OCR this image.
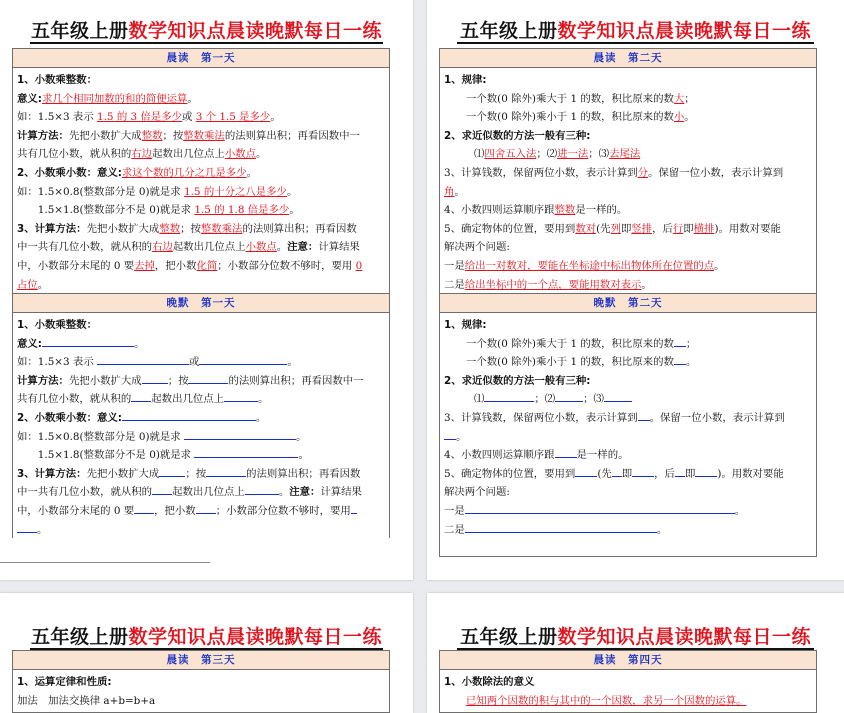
五年级上册数学知识点晨读晚默每日一练
晨读　第一天
1、小数乘整数：
意义:求几个相同加数的和的简便运算。
如：1.5×3 表示 1.5 的 3 倍是多少或 3 个 1.5 是多少。
计算方法：先把小数扩大成整数；按整数乘法的法则算出积；再看因数中一
共有几位小数，就从积的右边起数出几位点上小数点。
2、小数乘小数：意义:求这个数的几分之几是多少。
如：1.5×0.8(整数部分是 0)就是求 1.5 的十分之八是多少。
　　1.5×1.8(整数部分不是 0)就是求 1.5 的 1.8 倍是多少。
3、计算方法：先把小数扩大成整数；按整数乘法的法则算出积；再看因数
中一共有几位小数，就从积的右边起数出几位点上小数点。注意：计算结果
中，小数部分末尾的 0 要去掉，把小数化简；小数部分位数不够时，要用 0
占位。
晚默　第一天
1、小数乘整数：
意义:	。
如：1.5×3 表示	或	。
计算方法：先把小数扩大成	；按	的法则算出积；再看因数中一
共有几位小数，就从积的 起数出几位点上	。
2、小数乘小数：意义:	。
如：1.5×0.8(整数部分是 0)就是求	。
　　1.5×1.8(整数部分不是 0)就是求	。
3、计算方法：先把小数扩大成	；按	的法则算出积；再看因数
中一共有几位小数，就从积的 起数出几位点上	。注意：计算结果
中，小数部分末尾的 0 要 ，把小数 ；小数部分位数不够时，要用
。
五年级上册数学知识点晨读晚默每日一练
晨读　第二天
1、规律:
一个数(0 除外)乘大于 1 的数，积比原来的数大；
一个数(0 除外)乘小于 1 的数，积比原来的数小。
2、求近似数的方法一般有三种:
⑴四舍五入法；⑵进一法；⑶去尾法
3、计算钱数，保留两位小数，表示计算到分。保留一位小数，表示计算到
角。
4、小数四则运算顺序跟整数是一样的。
5、确定物体的位置，要用到数对(先列即竖排，后行即横排)。用数对要能
解决两个问题:
一是给出一对数对，要能在坐标途中标出物体所在位置的点。
二是给出坐标中的一个点，要能用数对表示。
晚默　第二天
1、规律:
一个数(0 除外)乘大于 1 的数，积比原来的数 ；
一个数(0 除外)乘小于 1 的数，积比原来的数 。
2、求近似数的方法一般有三种:
⑴	；⑵	；⑶
3、计算钱数，保留两位小数，表示计算到 。保留一位小数，表示计算到
。
4、小数四则运算顺序跟 是一样的。
5、确定物体的位置，要用到 (先 即 ，后 即 )。用数对要能
解决两个问题:
一是	。
二是	。
五年级上册数学知识点晨读晚默每日一练
晨读　第三天
1、运算定律和性质:
加法　加法交换律 a+b=b+a
五年级上册数学知识点晨读晚默每日一练
晨读　第四天
1、小数除法的意义
已知两个因数的积与其中的一个因数，求另一个因数的运算。
